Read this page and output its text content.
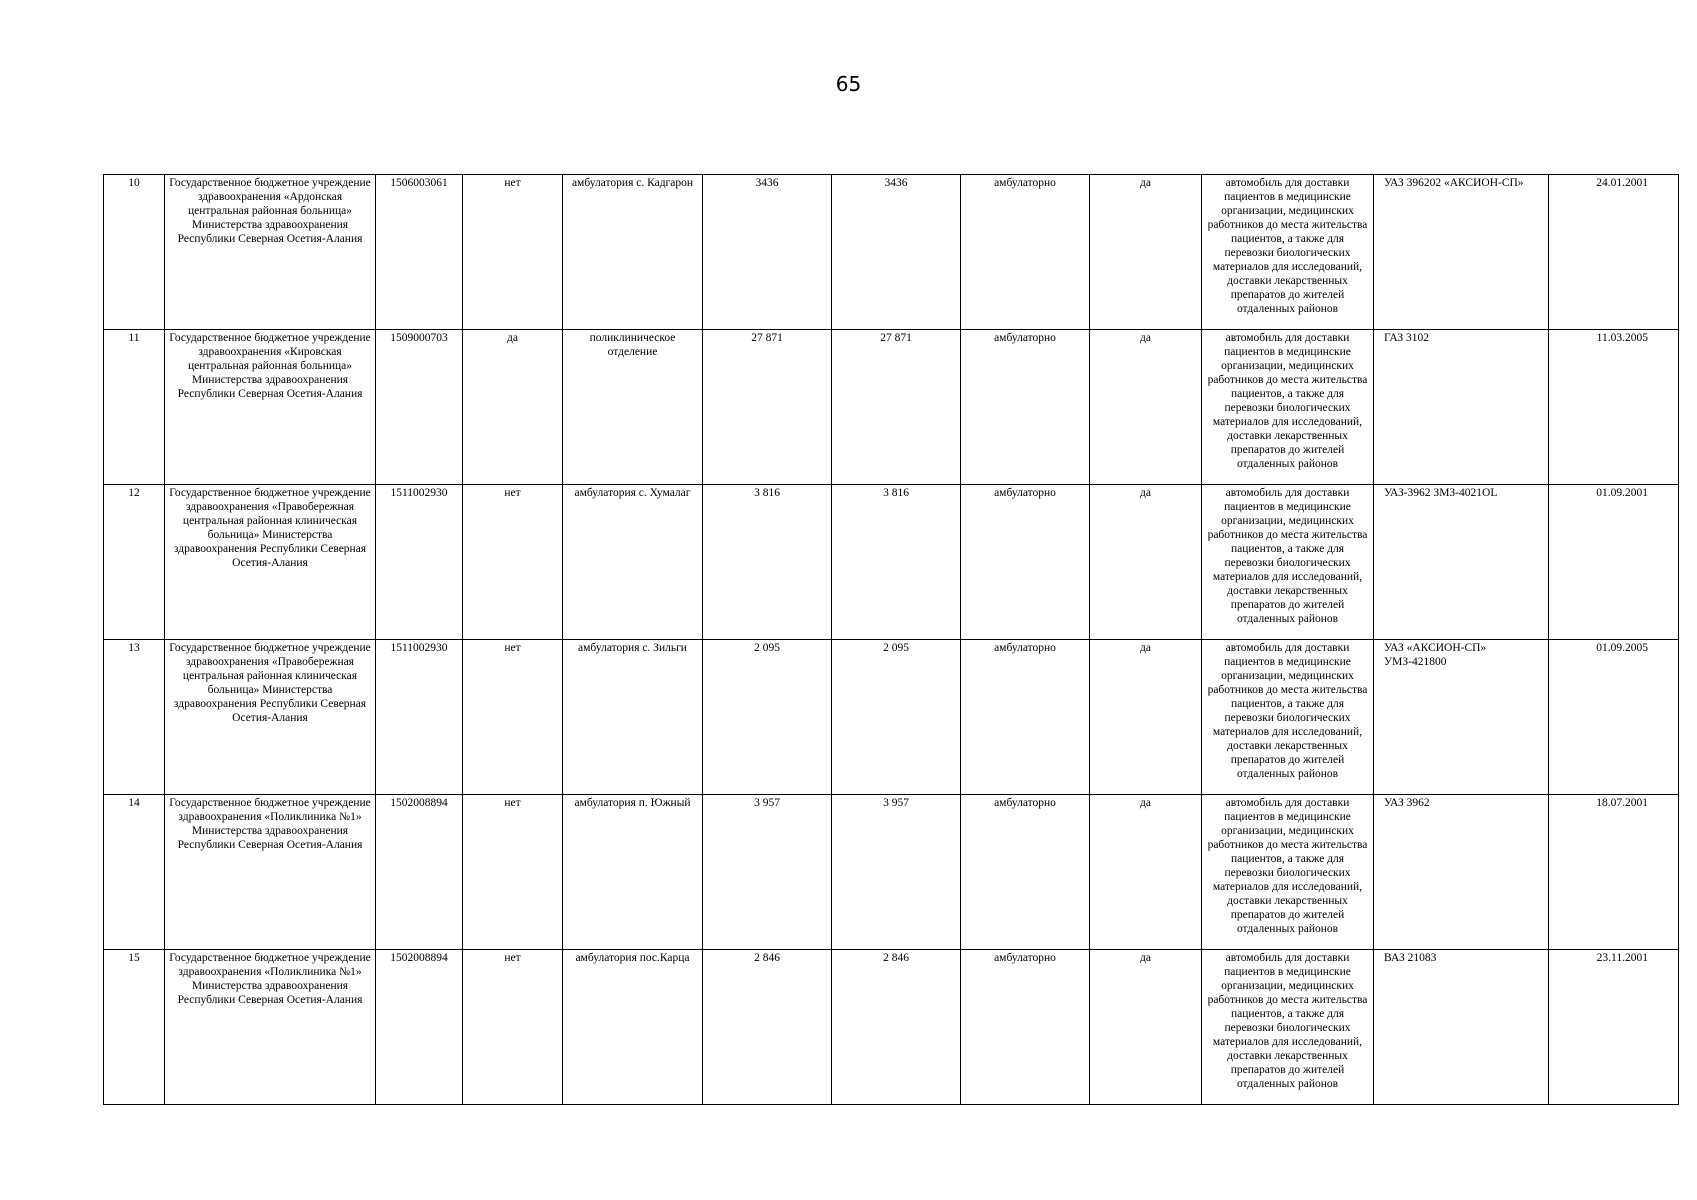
65
10	Государственное бюджетное учреждение здравоохранения «Ардонская центральная районная больница» Министерства здравоохранения Республики Северная Осетия-Алания	1506003061	нет	амбулатория с. Кадгарон	3436	3436	амбулаторно	да	автомобиль для доставки пациентов в медицинские организации, медицинских работников до места жительства пациентов, а также для перевозки биологических материалов для исследований, доставки лекарственных препаратов до жителей отдаленных районов	УАЗ 396202 «АКСИОН-СП»	24.01.2001
11	Государственное бюджетное учреждение здравоохранения «Кировская центральная районная больница» Министерства здравоохранения Республики Северная Осетия-Алания	1509000703	да	поликлиническое отделение	27 871	27 871	амбулаторно	да	автомобиль для доставки пациентов в медицинские организации, медицинских работников до места жительства пациентов, а также для перевозки биологических материалов для исследований, доставки лекарственных препаратов до жителей отдаленных районов	ГАЗ 3102	11.03.2005
12	Государственное бюджетное учреждение здравоохранения «Правобережная центральная районная клиническая больница» Министерства здравоохранения Республики Северная Осетия-Алания	1511002930	нет	амбулатория с. Хумалаг	3 816	3 816	амбулаторно	да	автомобиль для доставки пациентов в медицинские организации, медицинских работников до места жительства пациентов, а также для перевозки биологических материалов для исследований, доставки лекарственных препаратов до жителей отдаленных районов	УАЗ-3962 ЗМЗ-4021OL	01.09.2001
13	Государственное бюджетное учреждение здравоохранения «Правобережная центральная районная клиническая больница» Министерства здравоохранения Республики Северная Осетия-Алания	1511002930	нет	амбулатория с. Зильги	2 095	2 095	амбулаторно	да	автомобиль для доставки пациентов в медицинские организации, медицинских работников до места жительства пациентов, а также для перевозки биологических материалов для исследований, доставки лекарственных препаратов до жителей отдаленных районов	УАЗ «АКСИОН-СП» УМЗ-421800	01.09.2005
14	Государственное бюджетное учреждение здравоохранения «Поликлиника №1» Министерства здравоохранения Республики Северная Осетия-Алания	1502008894	нет	амбулатория п. Южный	3 957	3 957	амбулаторно	да	автомобиль для доставки пациентов в медицинские организации, медицинских работников до места жительства пациентов, а также для перевозки биологических материалов для исследований, доставки лекарственных препаратов до жителей отдаленных районов	УАЗ 3962	18.07.2001
15	Государственное бюджетное учреждение здравоохранения «Поликлиника №1» Министерства здравоохранения Республики Северная Осетия-Алания	1502008894	нет	амбулатория пос.Карца	2 846	2 846	амбулаторно	да	автомобиль для доставки пациентов в медицинские организации, медицинских работников до места жительства пациентов, а также для перевозки биологических материалов для исследований, доставки лекарственных препаратов до жителей отдаленных районов	ВАЗ 21083	23.11.2001
